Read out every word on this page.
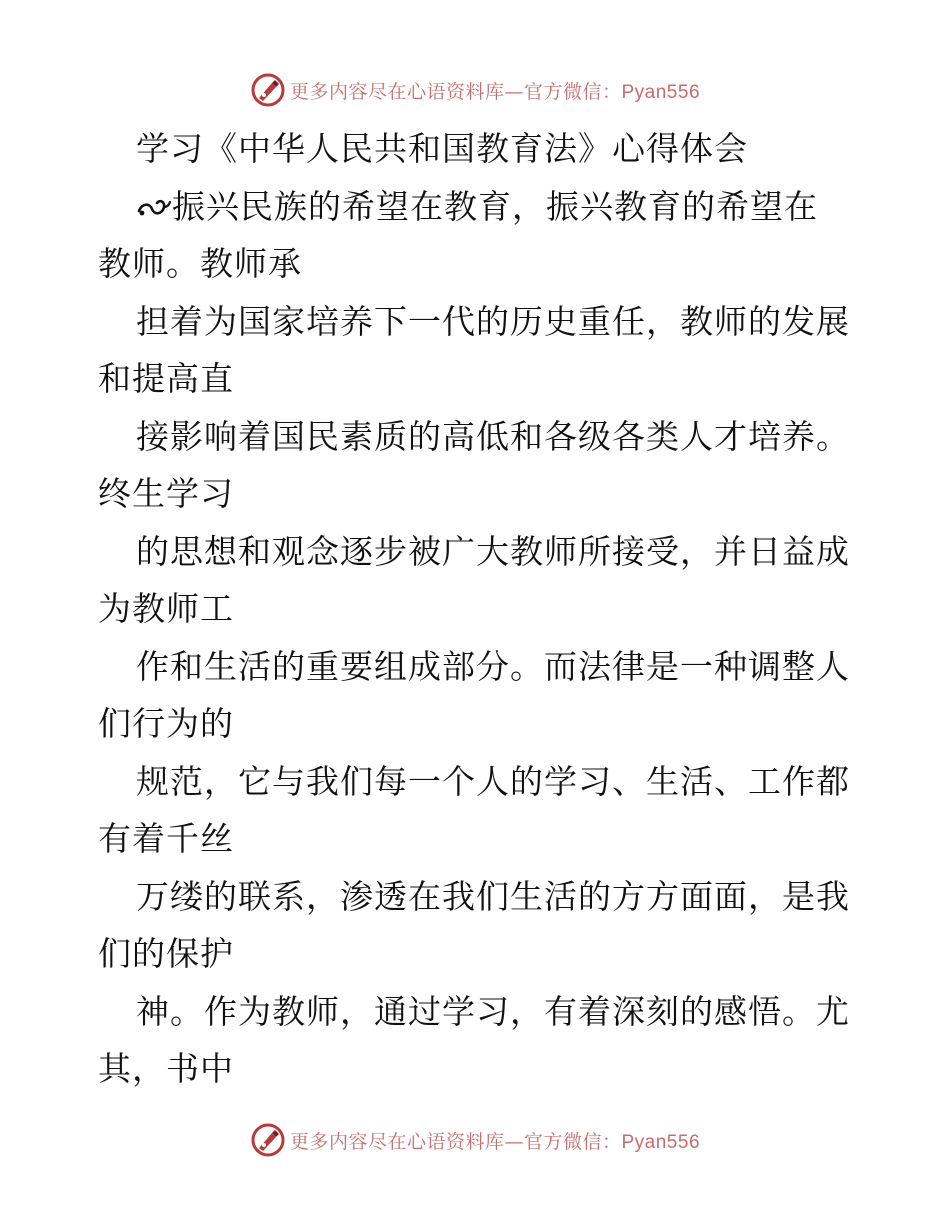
更多内容尽在心语资料库—官方微信：Pyan556
学习《中华人民共和国教育法》心得体会
振兴民族的希望在教育，振兴教育的希望在
教师。教师承
担着为国家培养下一代的历史重任，教师的发展
和提高直
接影响着国民素质的高低和各级各类人才培养。
终生学习
的思想和观念逐步被广大教师所接受，并日益成
为教师工
作和生活的重要组成部分。而法律是一种调整人
们行为的
规范，它与我们每一个人的学习、生活、工作都
有着千丝
万缕的联系，渗透在我们生活的方方面面，是我
们的保护
神。作为教师，通过学习，有着深刻的感悟。尤
其，书中
更多内容尽在心语资料库—官方微信：Pyan556
